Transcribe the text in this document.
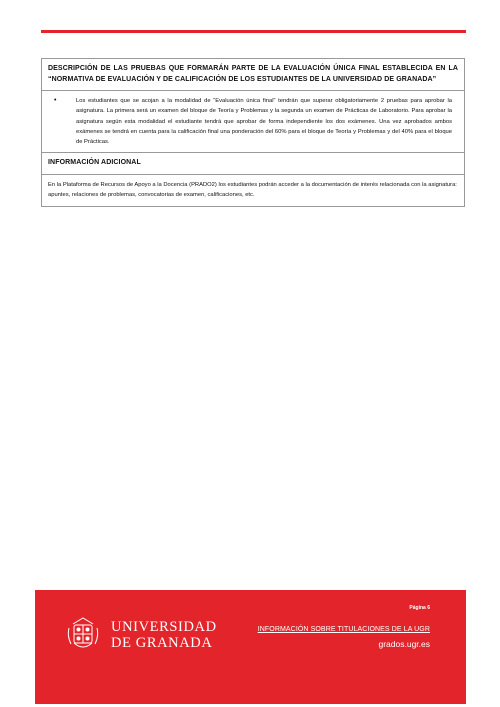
DESCRIPCIÓN DE LAS PRUEBAS QUE FORMARÁN PARTE DE LA EVALUACIÓN ÚNICA FINAL ESTABLECIDA EN LA “NORMATIVA DE EVALUACIÓN Y DE CALIFICACIÓN DE LOS ESTUDIANTES DE LA UNIVERSIDAD DE GRANADA”
•	Los estudiantes que se acojan a la modalidad de “Evaluación única final” tendrán que superar obligatoriamente 2 pruebas para aprobar la asignatura. La primera será un examen del bloque de Teoría y Problemas y la segunda un examen de Prácticas de Laboratorio. Para aprobar la asignatura según esta modalidad el estudiante tendrá que aprobar de forma independiente los dos exámenes. Una vez aprobados ambos exámenes se tendrá en cuenta para la calificación final una ponderación del 60% para el bloque de Teoría y Problemas y del 40% para el bloque de Prácticas.
INFORMACIÓN ADICIONAL
En la Plataforma de Recursos de Apoyo a la Docencia (PRADO2) los estudiantes podrán acceder a la documentación de interés relacionada con la asignatura: apuntes, relaciones de problemas, convocatorias de examen, calificaciones, etc.
UNIVERSIDAD
DE GRANADA
Página 6
INFORMACIÓN SOBRE TITULACIONES DE LA UGR
grados.ugr.es
